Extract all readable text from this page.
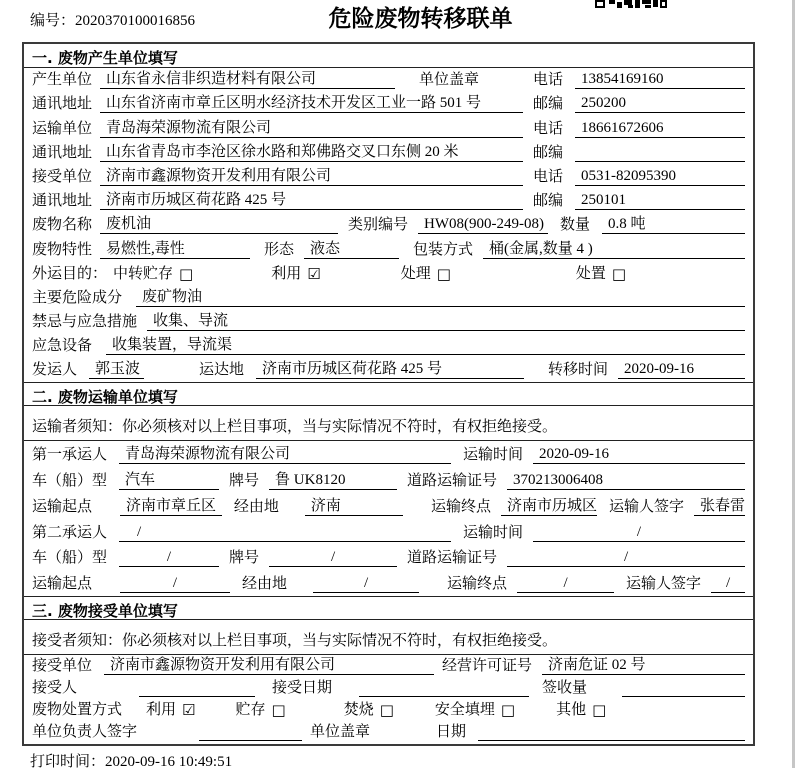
编号：2020370100016856	危险废物转移联单
一. 废物产生单位填写
产生单位 山东省永信非织造材料有限公司	单位盖章	电话	13854169160
通讯地址 山东省济南市章丘区明水经济技术开发区工业一路 501 号	邮编	250200
运输单位 青岛海荣源物流有限公司	电话	18661672606
通讯地址 山东省青岛市李沧区徐水路和郑佛路交叉口东侧 20 米	邮编
接受单位 济南市鑫源物资开发利用有限公司	电话	0531-82095390
通讯地址 济南市历城区荷花路 425 号	邮编	250101
废物名称 废机油	类别编号	HW08(900-249-08) 数量	0.8 吨
废物特性 易燃性,毒性	形态	液态	包装方式	桶(金属,数量 4 )
外运目的： 中转贮存 □	利用 ☑	处理 □	处置 □
主要危险成分	废矿物油
禁忌与应急措施	收集、导流
应急设备	收集装置，导流渠
发运人	郭玉波	运达地	济南市历城区荷花路 425 号	转移时间	2020-09-16
二. 废物运输单位填写
运输者须知：你必须核对以上栏目事项，当与实际情况不符时，有权拒绝接受。
第一承运人	青岛海荣源物流有限公司	运输时间	2020-09-16
车（船）型	汽车	牌号	鲁 UK8120	道路运输证号	370213006408
运输起点	济南市章丘区	经由地	济南	运输终点	济南市历城区 运输人签字	张春雷
第二承运人	/	运输时间	/
车（船）型	/	牌号	/	道路运输证号	/
运输起点	/	经由地	/	运输终点	/	运输人签字	/
三. 废物接受单位填写
接受者须知：你必须核对以上栏目事项，当与实际情况不符时，有权拒绝接受。
接受单位	济南市鑫源物资开发利用有限公司	经营许可证号	济南危证 02 号
接受人	接受日期	签收量
废物处置方式 利用 ☑	贮存 □	焚烧 □	安全填埋 □	其他 □
单位负责人签字	单位盖章	日期
打印时间：2020-09-16 10:49:51
